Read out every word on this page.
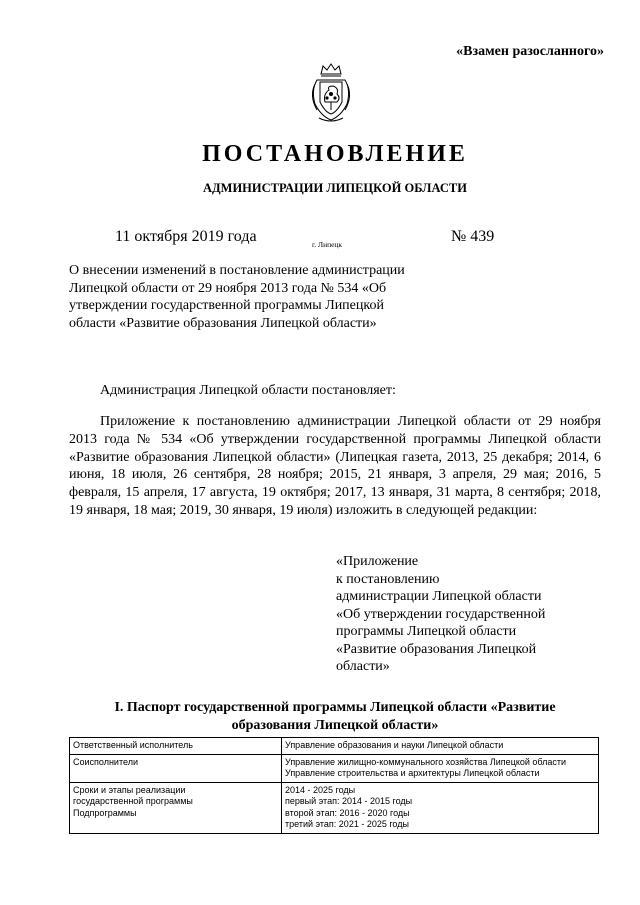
«Взамен разосланного»
ПОСТАНОВЛЕНИЕ
АДМИНИСТРАЦИИ ЛИПЕЦКОЙ ОБЛАСТИ
11 октября 2019 года	г. Липецк	№ 439
О внесении изменений в постановление администрации Липецкой области от 29 ноября 2013 года № 534 «Об утверждении государственной программы Липецкой области «Развитие образования Липецкой области»
Администрация Липецкой области постановляет:
Приложение к постановлению администрации Липецкой области от 29 ноября 2013 года № 534 «Об утверждении государственной программы Липецкой области «Развитие образования Липецкой области» (Липецкая газета, 2013, 25 декабря; 2014, 6 июня, 18 июля, 26 сентября, 28 ноября; 2015, 21 января, 3 апреля, 29 мая; 2016, 5 февраля, 15 апреля, 17 августа, 19 октября; 2017, 13 января, 31 марта, 8 сентября; 2018, 19 января, 18 мая; 2019, 30 января, 19 июля) изложить в следующей редакции:
«Приложение
к постановлению
администрации Липецкой области
«Об утверждении государственной
программы Липецкой области
«Развитие образования Липецкой
области»
I. Паспорт государственной программы Липецкой области «Развитие образования Липецкой области»
Ответственный исполнитель	Управление образования и науки Липецкой области

Соисполнители	Управление жилищно-коммунального хозяйства Липецкой области
Управление строительства и архитектуры Липецкой области

Сроки и этапы реализации
государственной программы
Подпрограммы	2014 - 2025 годы
первый этап: 2014 - 2015 годы
второй этап: 2016 - 2020 годы
третий этап: 2021 - 2025 годы
